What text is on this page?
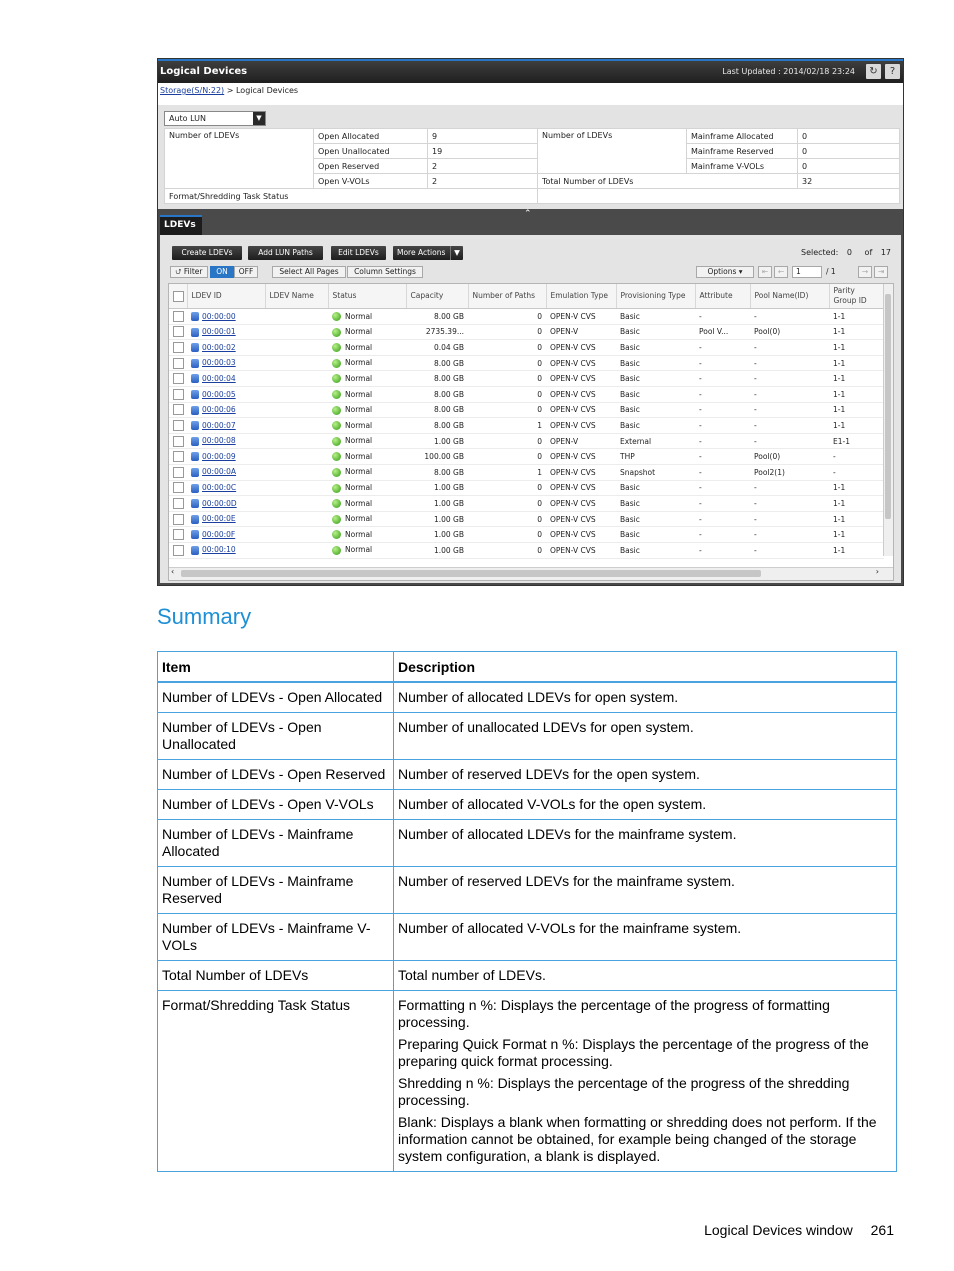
Logical Devices	Last Updated : 2014/02/18 23:24	↻	?
Storage(S/N:22) > Logical Devices
Auto LUN	▼
Number of LDEVs	Open Allocated	9	Number of LDEVs	Mainframe Allocated	0
	Open Unallocated	19		Mainframe Reserved	0
	Open Reserved	2		Mainframe V-VOLs	0
	Open V-VOLs	2	Total Number of LDEVs		32
Format/Shredding Task Status					
⌃
LDEVs
Create LDEVs	Add LUN Paths	Edit LDEVs	More Actions	▼	Selected: 0 of 17
⮍ Filter	ON	OFF	Select All Pages	Column Settings	Options ▾	⇤	←	1	/ 1	→	⇥
	LDEV ID	LDEV Name	Status	Capacity	Number of Paths	Emulation Type	Provisioning Type	Attribute	Pool Name(ID)	Parity Group ID
	00:00:00		Normal	8.00 GB	0	OPEN-V CVS	Basic	-	-	1-1
	00:00:01		Normal	2735.39...	0	OPEN-V	Basic	Pool V...	Pool(0)	1-1
	00:00:02		Normal	0.04 GB	0	OPEN-V CVS	Basic	-	-	1-1
	00:00:03		Normal	8.00 GB	0	OPEN-V CVS	Basic	-	-	1-1
	00:00:04		Normal	8.00 GB	0	OPEN-V CVS	Basic	-	-	1-1
	00:00:05		Normal	8.00 GB	0	OPEN-V CVS	Basic	-	-	1-1
	00:00:06		Normal	8.00 GB	0	OPEN-V CVS	Basic	-	-	1-1
	00:00:07		Normal	8.00 GB	1	OPEN-V CVS	Basic	-	-	1-1
	00:00:08		Normal	1.00 GB	0	OPEN-V	External	-	-	E1-1
	00:00:09		Normal	100.00 GB	0	OPEN-V CVS	THP	-	Pool(0)	-
	00:00:0A		Normal	8.00 GB	1	OPEN-V CVS	Snapshot	-	Pool2(1)	-
	00:00:0C		Normal	1.00 GB	0	OPEN-V CVS	Basic	-	-	1-1
	00:00:0D		Normal	1.00 GB	0	OPEN-V CVS	Basic	-	-	1-1
	00:00:0E		Normal	1.00 GB	0	OPEN-V CVS	Basic	-	-	1-1
	00:00:0F		Normal	1.00 GB	0	OPEN-V CVS	Basic	-	-	1-1
	00:00:10		Normal	1.00 GB	0	OPEN-V CVS	Basic	-	-	1-1
‹	›
Summary
Item	Description
Number of LDEVs - Open Allocated	Number of allocated LDEVs for open system.

Number of LDEVs - Open Unallocated	Number of unallocated LDEVs for open system.

Number of LDEVs - Open Reserved	Number of reserved LDEVs for the open system.

Number of LDEVs - Open V-VOLs	Number of allocated V-VOLs for the open system.

Number of LDEVs - Mainframe Allocated	Number of allocated LDEVs for the mainframe system.

Number of LDEVs - Mainframe Reserved	Number of reserved LDEVs for the mainframe system.

Number of LDEVs - Mainframe V-VOLs	Number of allocated V-VOLs for the mainframe system.

Total Number of LDEVs	Total number of LDEVs.

Format/Shredding Task Status	Formatting n %: Displays the percentage of the progress of formatting processing.

Preparing Quick Format n %: Displays the percentage of the progress of the preparing quick format processing.

Shredding n %: Displays the percentage of the progress of the shredding processing.

Blank: Displays a blank when formatting or shredding does not perform. If the information cannot be obtained, for example being changed of the storage system configuration, a blank is displayed.

Logical Devices window 261
